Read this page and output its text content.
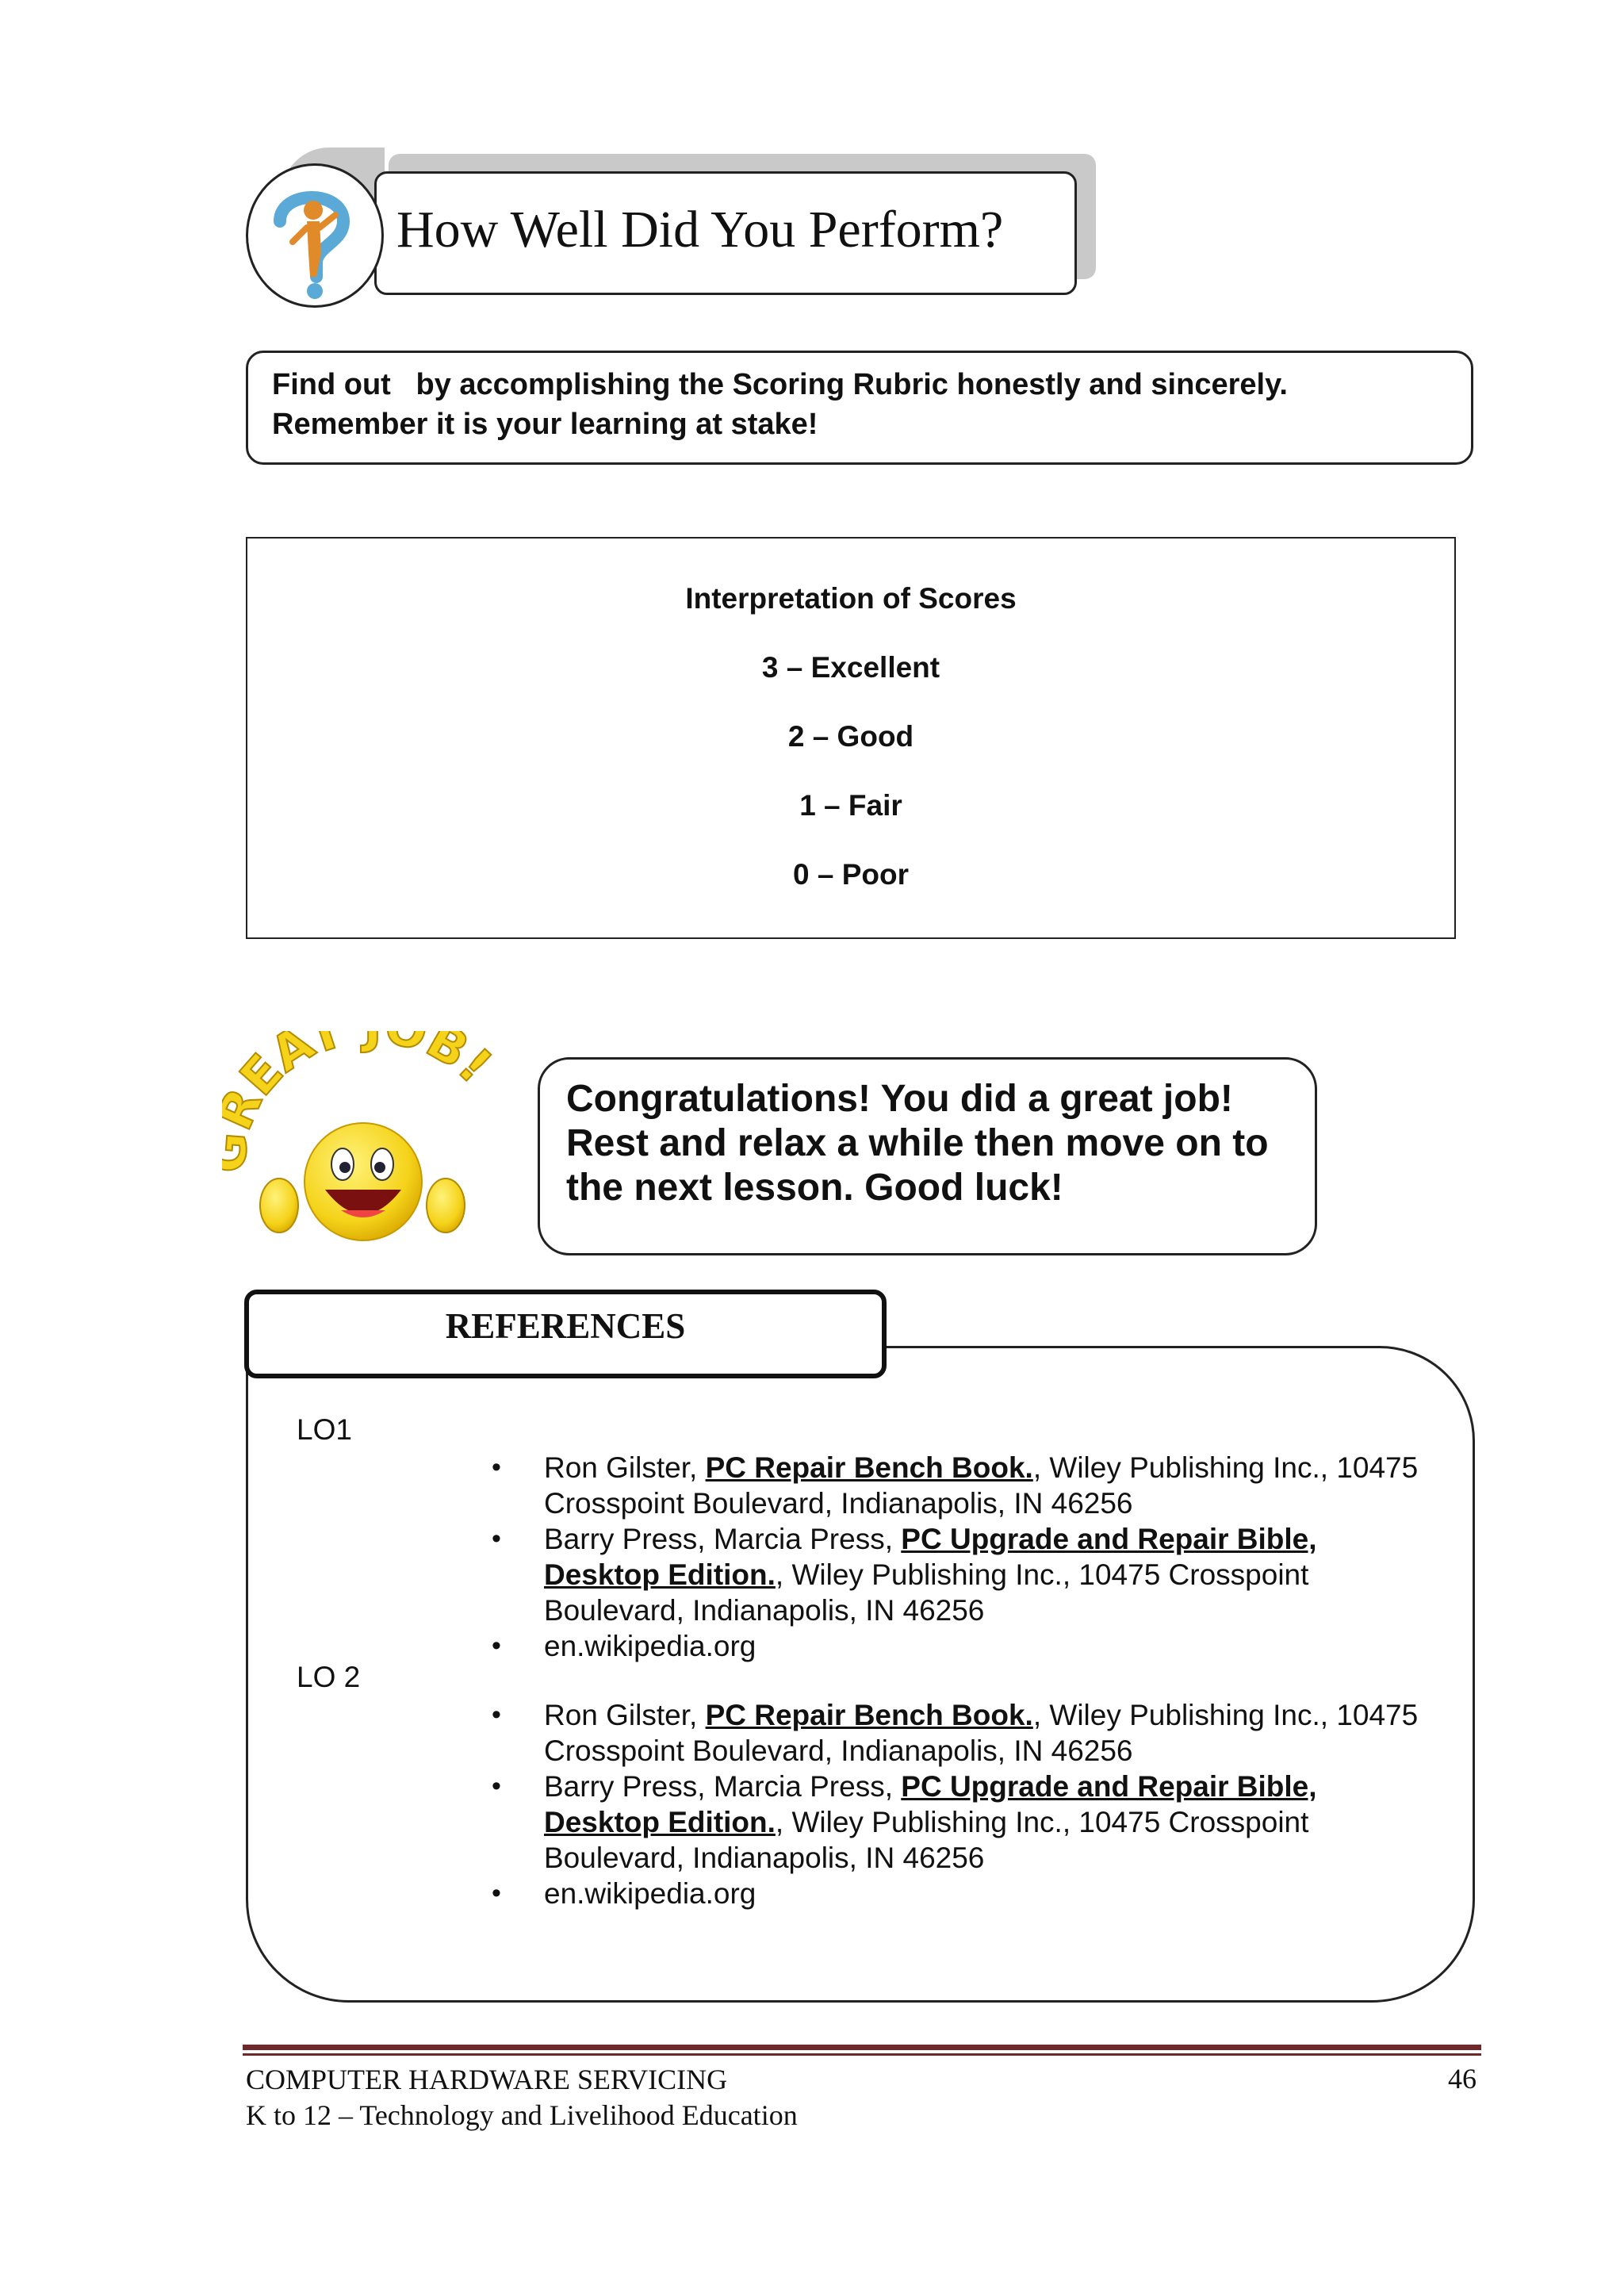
How Well Did You Perform?
Find out   by accomplishing the Scoring Rubric honestly and sincerely.
Remember it is your learning at stake!
Interpretation of Scores
3 – Excellent
2 – Good
1 – Fair
0 – Poor
EAT B!
Congratulations! You did a great job!
Rest and relax a while then move on to
the next lesson. Good luck!
REFERENCES
LO1
• Ron Gilster, PC Repair Bench Book., Wiley Publishing Inc., 10475 Crosspoint Boulevard, Indianapolis, IN 46256
• Barry Press, Marcia Press, PC Upgrade and Repair Bible, Desktop Edition., Wiley Publishing Inc., 10475 Crosspoint Boulevard, Indianapolis, IN 46256
• en.wikipedia.org
LO 2
• Ron Gilster, PC Repair Bench Book., Wiley Publishing Inc., 10475 Crosspoint Boulevard, Indianapolis, IN 46256
• Barry Press, Marcia Press, PC Upgrade and Repair Bible, Desktop Edition., Wiley Publishing Inc., 10475 Crosspoint Boulevard, Indianapolis, IN 46256
• en.wikipedia.org
COMPUTER HARDWARE SERVICING
K to 12 – Technology and Livelihood Education
46
